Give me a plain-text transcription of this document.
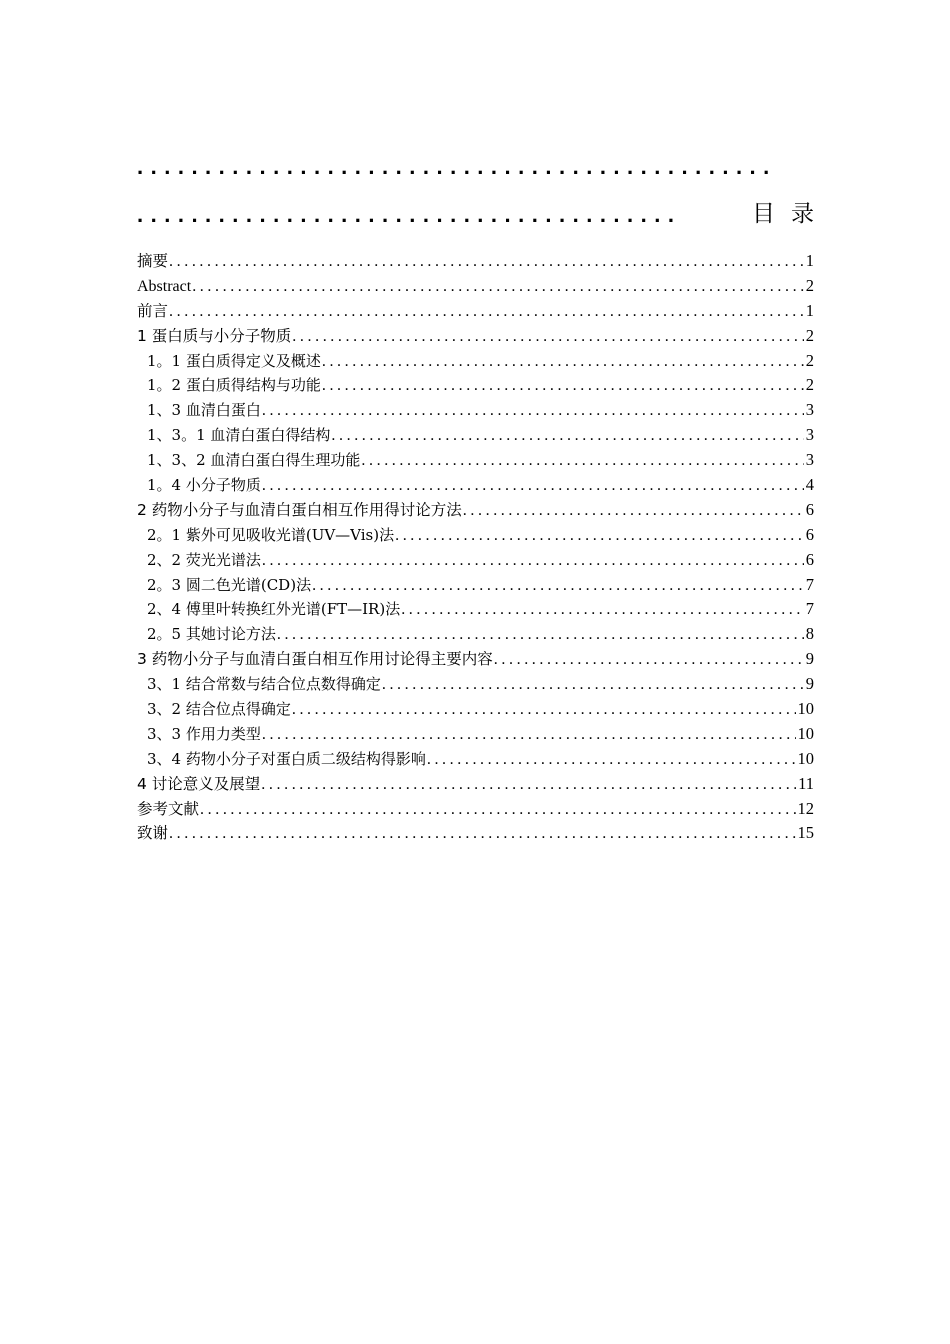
...............................................
........................................	目录
摘要 .....	1
Abstract .....	2
前言 .....	1
1 蛋白质与小分子物质 .....	2
1。1 蛋白质得定义及概述 .....	2
1。2 蛋白质得结构与功能 .....	2
1、3 血清白蛋白 .....	3
1、3。1 血清白蛋白得结构 .....	3
1、3、2 血清白蛋白得生理功能 .....	3
1。4 小分子物质 .....	4
2 药物小分子与血清白蛋白相互作用得讨论方法 .....	6
2。1 紫外可见吸收光谱(UV—Vis)法 .....	6
2、2 荧光光谱法 .....	6
2。3 圆二色光谱(CD)法 .....	7
2、4 傅里叶转换红外光谱(FT—IR)法 .....	7
2。5 其她讨论方法 .....	8
3 药物小分子与血清白蛋白相互作用讨论得主要内容 .....	9
3、1 结合常数与结合位点数得确定 .....	9
3、2 结合位点得确定 .....	10
3、3 作用力类型 .....	10
3、4 药物小分子对蛋白质二级结构得影响 .....	10
4 讨论意义及展望 .....	11
参考文献 .....	12
致谢 .....	15
